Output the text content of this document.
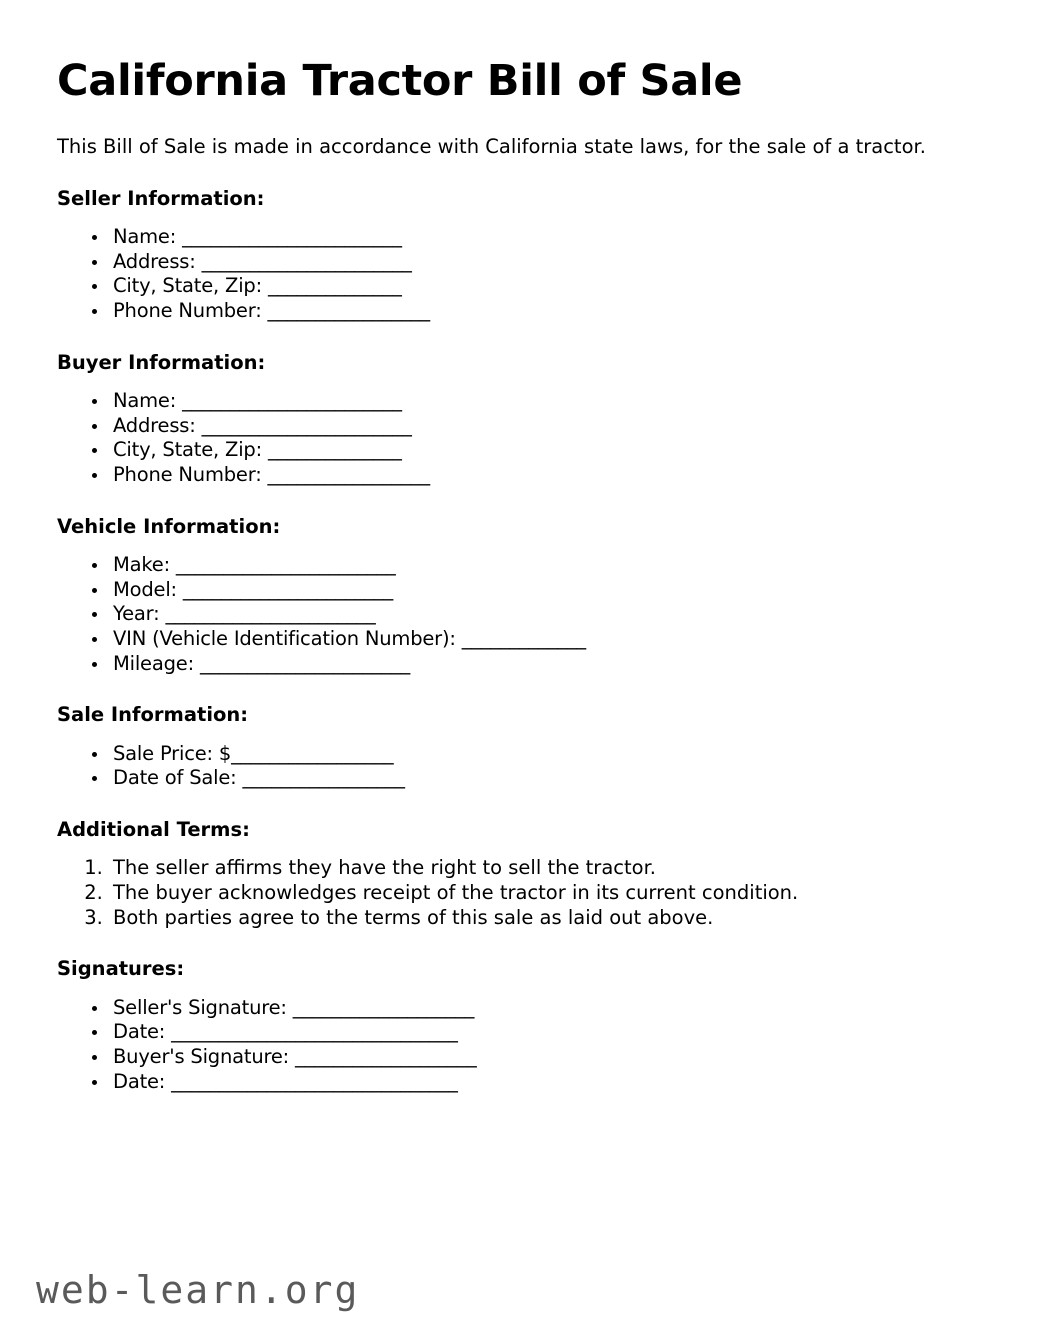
California Tractor Bill of Sale

This Bill of Sale is made in accordance with California state laws, for the sale of a tractor.

Seller Information:
• Name: _______________________
• Address: ______________________
• City, State, Zip: ______________
• Phone Number: _________________
Buyer Information:
• Name: _______________________
• Address: ______________________
• City, State, Zip: ______________
• Phone Number: _________________
Vehicle Information:
• Make: _______________________
• Model: ______________________
• Year: ______________________
• VIN (Vehicle Identification Number): _____________
• Mileage: ______________________
Sale Information:
• Sale Price: $_________________
• Date of Sale: _________________
Additional Terms:
1. The seller affirms they have the right to sell the tractor.
2. The buyer acknowledges receipt of the tractor in its current condition.
3. Both parties agree to the terms of this sale as laid out above.
Signatures:
• Seller's Signature: ___________________
• Date: ______________________________
• Buyer's Signature: ___________________
• Date: ______________________________
web-learn.org
